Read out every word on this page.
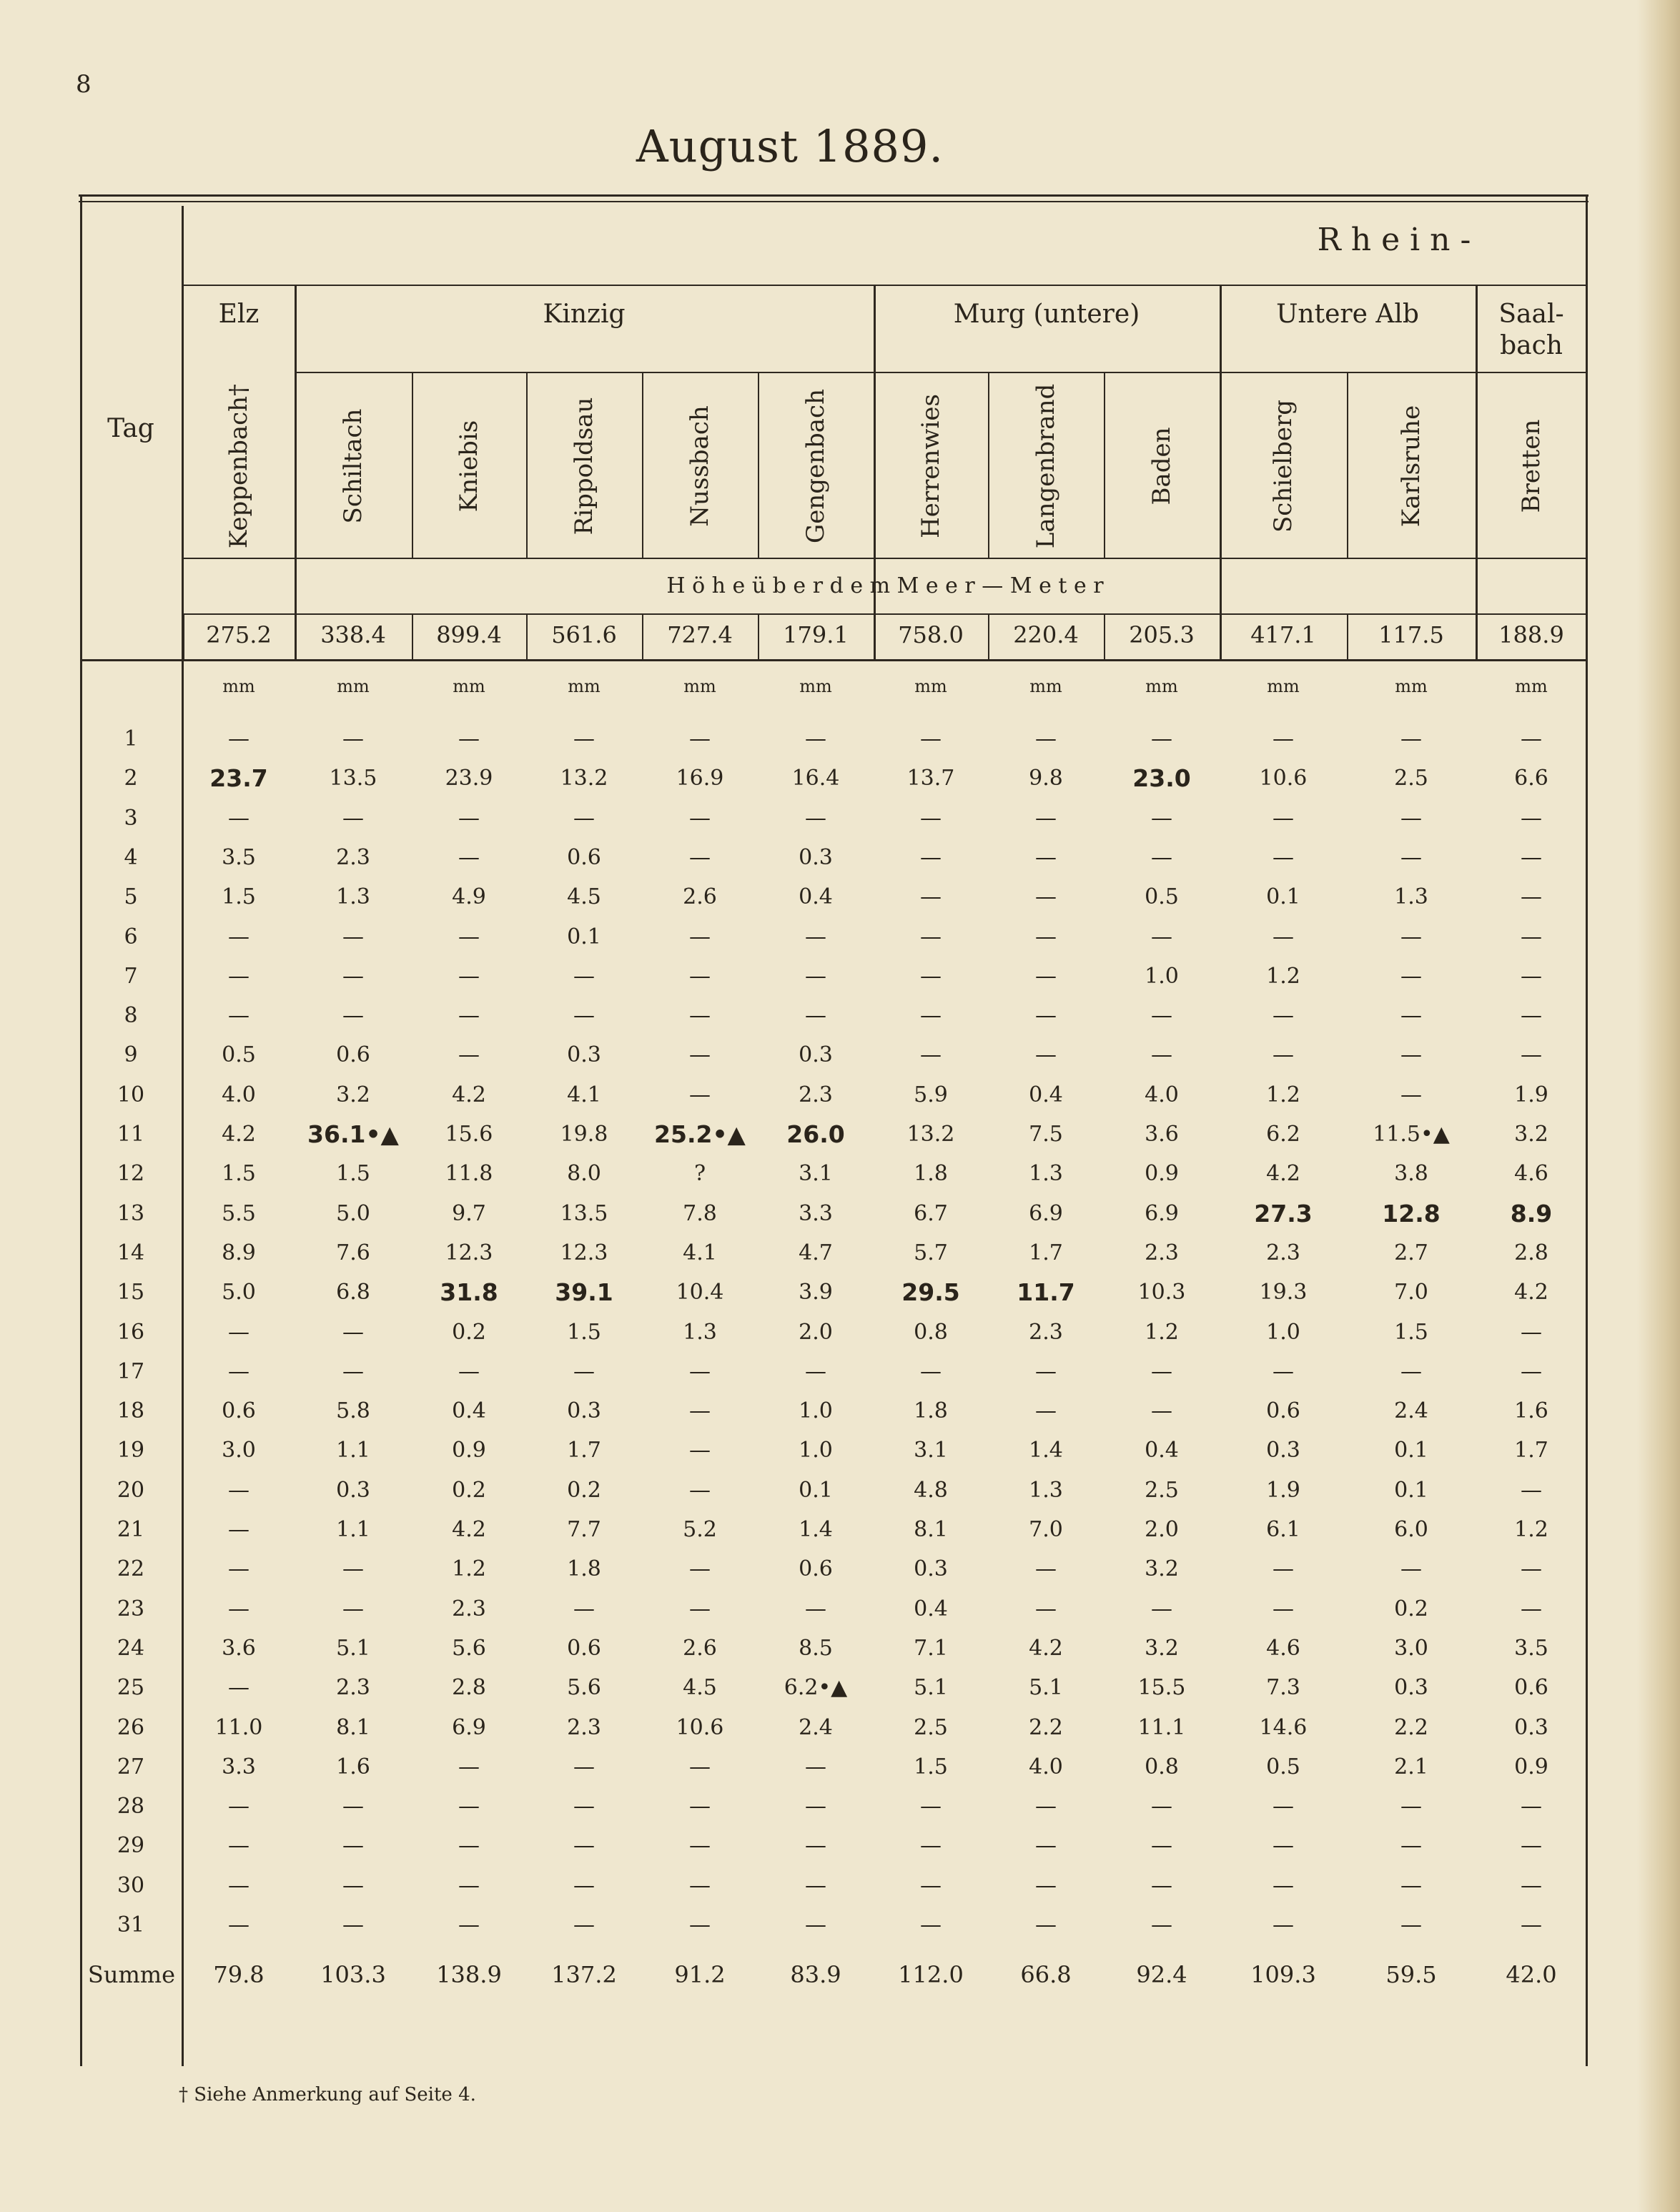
8
August 1889.
† Siehe Anmerkung auf Seite 4.
R h e i n -
Tag
Elz	Kinzig	Murg (untere)	Untere Alb	Saal-
bach
Keppenbach†	Schiltach	Kniebis	Rippoldsau	Nussbach	Gengenbach	Herrenwies	Langenbrand	Baden	Schielberg	Karlsruhe	Bretten
H ö h e ü b e r d e m M e e r — M e t e r
275.2	338.4	899.4	561.6	727.4	179.1	758.0	220.4	205.3	417.1	117.5	188.9
mm	mm	mm	mm	mm	mm	mm	mm	mm	mm	mm	mm
1	—	—	—	—	—	—	—	—	—	—	—	—
2	23.7	13.5	23.9	13.2	16.9	16.4	13.7	9.8	23.0	10.6	2.5	6.6
3	—	—	—	—	—	—	—	—	—	—	—	—
4	3.5	2.3	—	0.6	—	0.3	—	—	—	—	—	—
5	1.5	1.3	4.9	4.5	2.6	0.4	—	—	0.5	0.1	1.3	—
6	—	—	—	0.1	—	—	—	—	—	—	—	—
7	—	—	—	—	—	—	—	—	1.0	1.2	—	—
8	—	—	—	—	—	—	—	—	—	—	—	—
9	0.5	0.6	—	0.3	—	0.3	—	—	—	—	—	—
10	4.0	3.2	4.2	4.1	—	2.3	5.9	0.4	4.0	1.2	—	1.9
11	4.2	36.1•▲	15.6	19.8	25.2•▲	26.0	13.2	7.5	3.6	6.2	11.5•▲	3.2
12	1.5	1.5	11.8	8.0	?	3.1	1.8	1.3	0.9	4.2	3.8	4.6
13	5.5	5.0	9.7	13.5	7.8	3.3	6.7	6.9	6.9	27.3	12.8	8.9
14	8.9	7.6	12.3	12.3	4.1	4.7	5.7	1.7	2.3	2.3	2.7	2.8
15	5.0	6.8	31.8	39.1	10.4	3.9	29.5	11.7	10.3	19.3	7.0	4.2
16	—	—	0.2	1.5	1.3	2.0	0.8	2.3	1.2	1.0	1.5	—
17	—	—	—	—	—	—	—	—	—	—	—	—
18	0.6	5.8	0.4	0.3	—	1.0	1.8	—	—	0.6	2.4	1.6
19	3.0	1.1	0.9	1.7	—	1.0	3.1	1.4	0.4	0.3	0.1	1.7
20	—	0.3	0.2	0.2	—	0.1	4.8	1.3	2.5	1.9	0.1	—
21	—	1.1	4.2	7.7	5.2	1.4	8.1	7.0	2.0	6.1	6.0	1.2
22	—	—	1.2	1.8	—	0.6	0.3	—	3.2	—	—	—
23	—	—	2.3	—	—	—	0.4	—	—	—	0.2	—
24	3.6	5.1	5.6	0.6	2.6	8.5	7.1	4.2	3.2	4.6	3.0	3.5
25	—	2.3	2.8	5.6	4.5	6.2•▲	5.1	5.1	15.5	7.3	0.3	0.6
26	11.0	8.1	6.9	2.3	10.6	2.4	2.5	2.2	11.1	14.6	2.2	0.3
27	3.3	1.6	—	—	—	—	1.5	4.0	0.8	0.5	2.1	0.9
28	—	—	—	—	—	—	—	—	—	—	—	—
29	—	—	—	—	—	—	—	—	—	—	—	—
30	—	—	—	—	—	—	—	—	—	—	—	—
31	—	—	—	—	—	—	—	—	—	—	—	—
Summe	79.8	103.3	138.9	137.2	91.2	83.9	112.0	66.8	92.4	109.3	59.5	42.0
